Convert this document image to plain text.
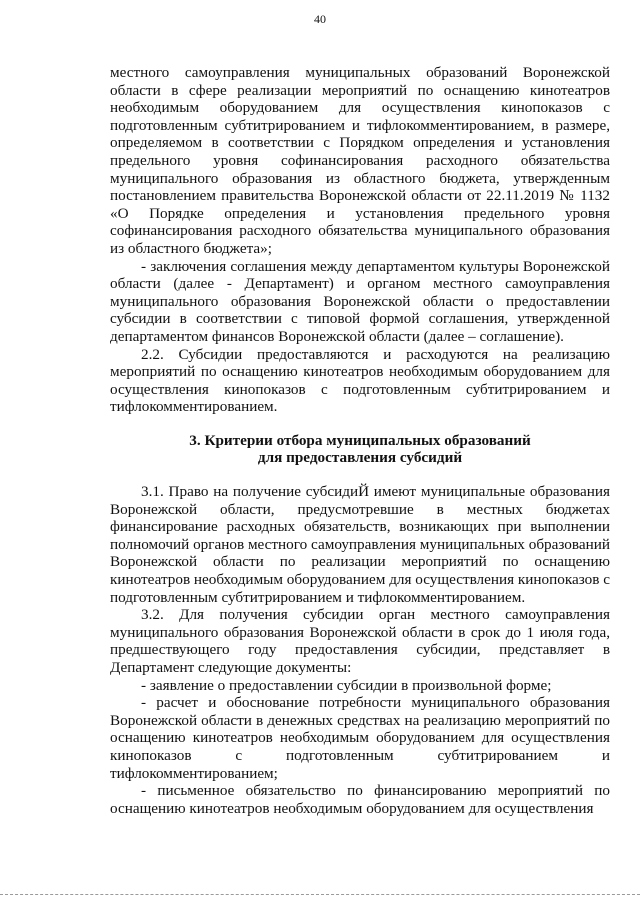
40

местного самоуправления муниципальных образований Воронежской области в сфере реализации мероприятий по оснащению кинотеатров необходимым оборудованием для осуществления кинопоказов с подготовленным субтитрированием и тифлокомментированием, в размере, определяемом в соответствии с Порядком определения и установления предельного уровня софинансирования расходного обязательства муниципального образования из областного бюджета, утвержденным постановлением правительства Воронежской области от 22.11.2019 № 1132 «О Порядке определения и установления предельного уровня софинансирования расходного обязательства муниципального образования из областного бюджета»;

- заключения соглашения между департаментом культуры Воронежской области (далее - Департамент) и органом местного самоуправления муниципального образования Воронежской области о предоставлении субсидии в соответствии с типовой формой соглашения, утвержденной департаментом финансов Воронежской области (далее – соглашение).

2.2. Субсидии предоставляются и расходуются на реализацию мероприятий по оснащению кинотеатров необходимым оборудованием для осуществления кинопоказов с подготовленным субтитрированием и тифлокомментированием.

3. Критерии отбора муниципальных образований
для предоставления субсидий

3.1. Право на получение субсидиЙ имеют муниципальные образования Воронежской области, предусмотревшие в местных бюджетах финансирование расходных обязательств, возникающих при выполнении полномочий органов местного самоуправления муниципальных образований Воронежской области по реализации мероприятий по оснащению кинотеатров необходимым оборудованием для осуществления кинопоказов с подготовленным субтитрированием и тифлокомментированием.

3.2. Для получения субсидии орган местного самоуправления муниципального образования Воронежской области в срок до 1 июля года, предшествующего году предоставления субсидии, представляет в Департамент следующие документы:

- заявление о предоставлении субсидии в произвольной форме;

- расчет и обоснование потребности муниципального образования Воронежской области в денежных средствах на реализацию мероприятий по оснащению кинотеатров необходимым оборудованием для осуществления кинопоказов с подготовленным субтитрированием и тифлокомментированием;

- письменное обязательство по финансированию мероприятий по оснащению кинотеатров необходимым оборудованием для осуществления
